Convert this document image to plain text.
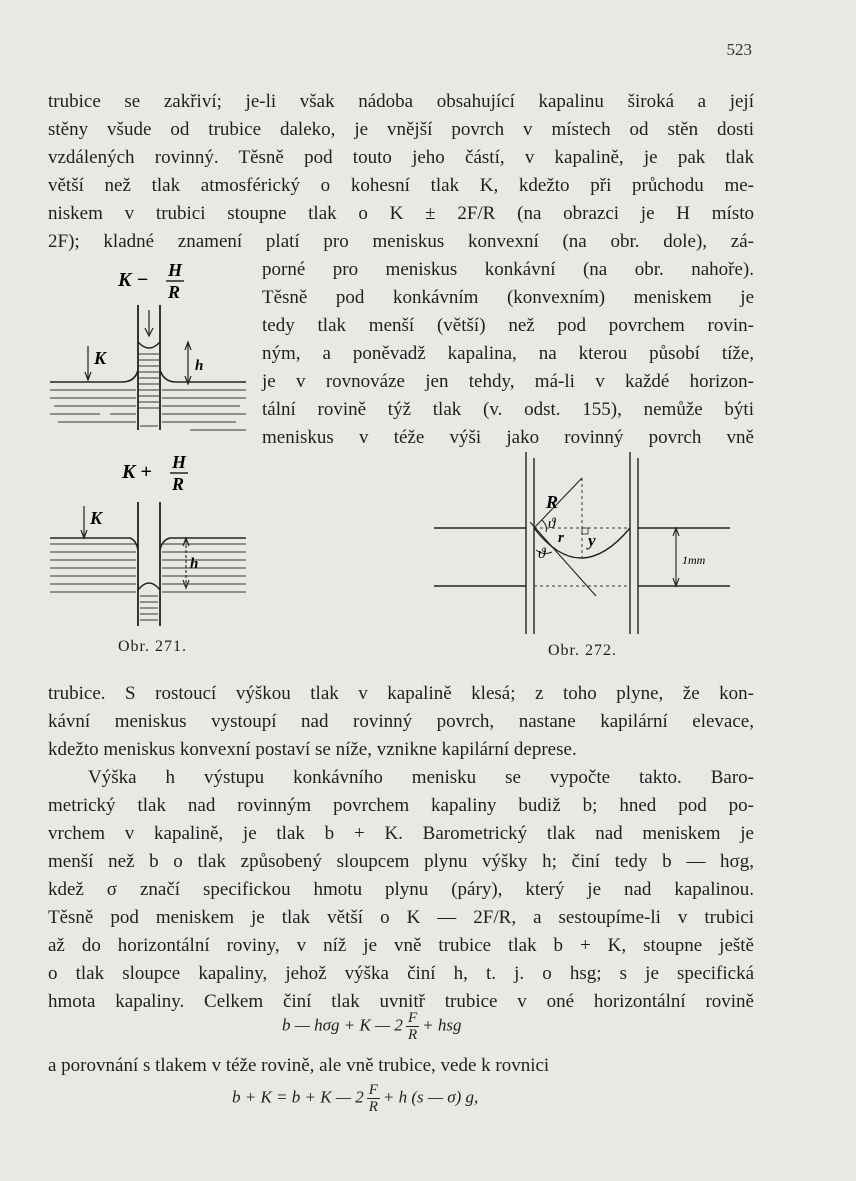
523
trubice se zakřiví; je-li však nádoba obsahující kapalinu široká a její
stěny všude od trubice daleko, je vnější povrch v místech od stěn dosti
vzdálených rovinný. Těsně pod touto jeho částí, v kapalině, je pak tlak
větší než tlak atmosférický o kohesní tlak K, kdežto při průchodu me-
niskem v trubici stoupne tlak o K ± 2F/R (na obrazci je H místo
2F); kladné znamení platí pro meniskus konvexní (na obr. dole), zá-
porné pro meniskus konkávní (na obr. nahoře).
Těsně pod konkávním (konvexním) meniskem je
tedy tlak menší (větší) než pod povrchem rovin-
ným, a poněvadž kapalina, na kterou působí tíže,
je v rovnováze jen tehdy, má-li v každé horizon-
tální rovině týž tlak (v. odst. 155), nemůže býti
meniskus v téže výši jako rovinný povrch vně
K − H
R
K	h
K + H
R
K
h
Obr. 271.
R
ϑ
ϑ
r y
1mm
Obr. 272.
trubice. S rostoucí výškou tlak v kapalině klesá; z toho plyne, že kon-
kávní meniskus vystoupí nad rovinný povrch, nastane kapilární elevace,
kdežto meniskus konvexní postaví se níže, vznikne kapilární deprese.
Výška h výstupu konkávního menisku se vypočte takto. Baro-
metrický tlak nad rovinným povrchem kapaliny budiž b; hned pod po-
vrchem v kapalině, je tlak b + K. Barometrický tlak nad meniskem je
menší než b o tlak způsobený sloupcem plynu výšky h; činí tedy b — hσg,
kdež σ značí specifickou hmotu plynu (páry), který je nad kapalinou.
Těsně pod meniskem je tlak větší o K — 2F/R, a sestoupíme-li v trubici
až do horizontální roviny, v níž je vně trubice tlak b + K, stoupne ještě
o tlak sloupce kapaliny, jehož výška činí h, t. j. o hsg; s je specifická
hmota kapaliny. Celkem činí tlak uvnitř trubice v oné horizontální rovině
b — hσg + K — $2 \frac{F}{R}$ + hsg
a porovnání s tlakem v téže rovině, ale vně trubice, vede k rovnici
b + K = b + K — $2 \frac{F}{R} + h$ (s — σ) g,
